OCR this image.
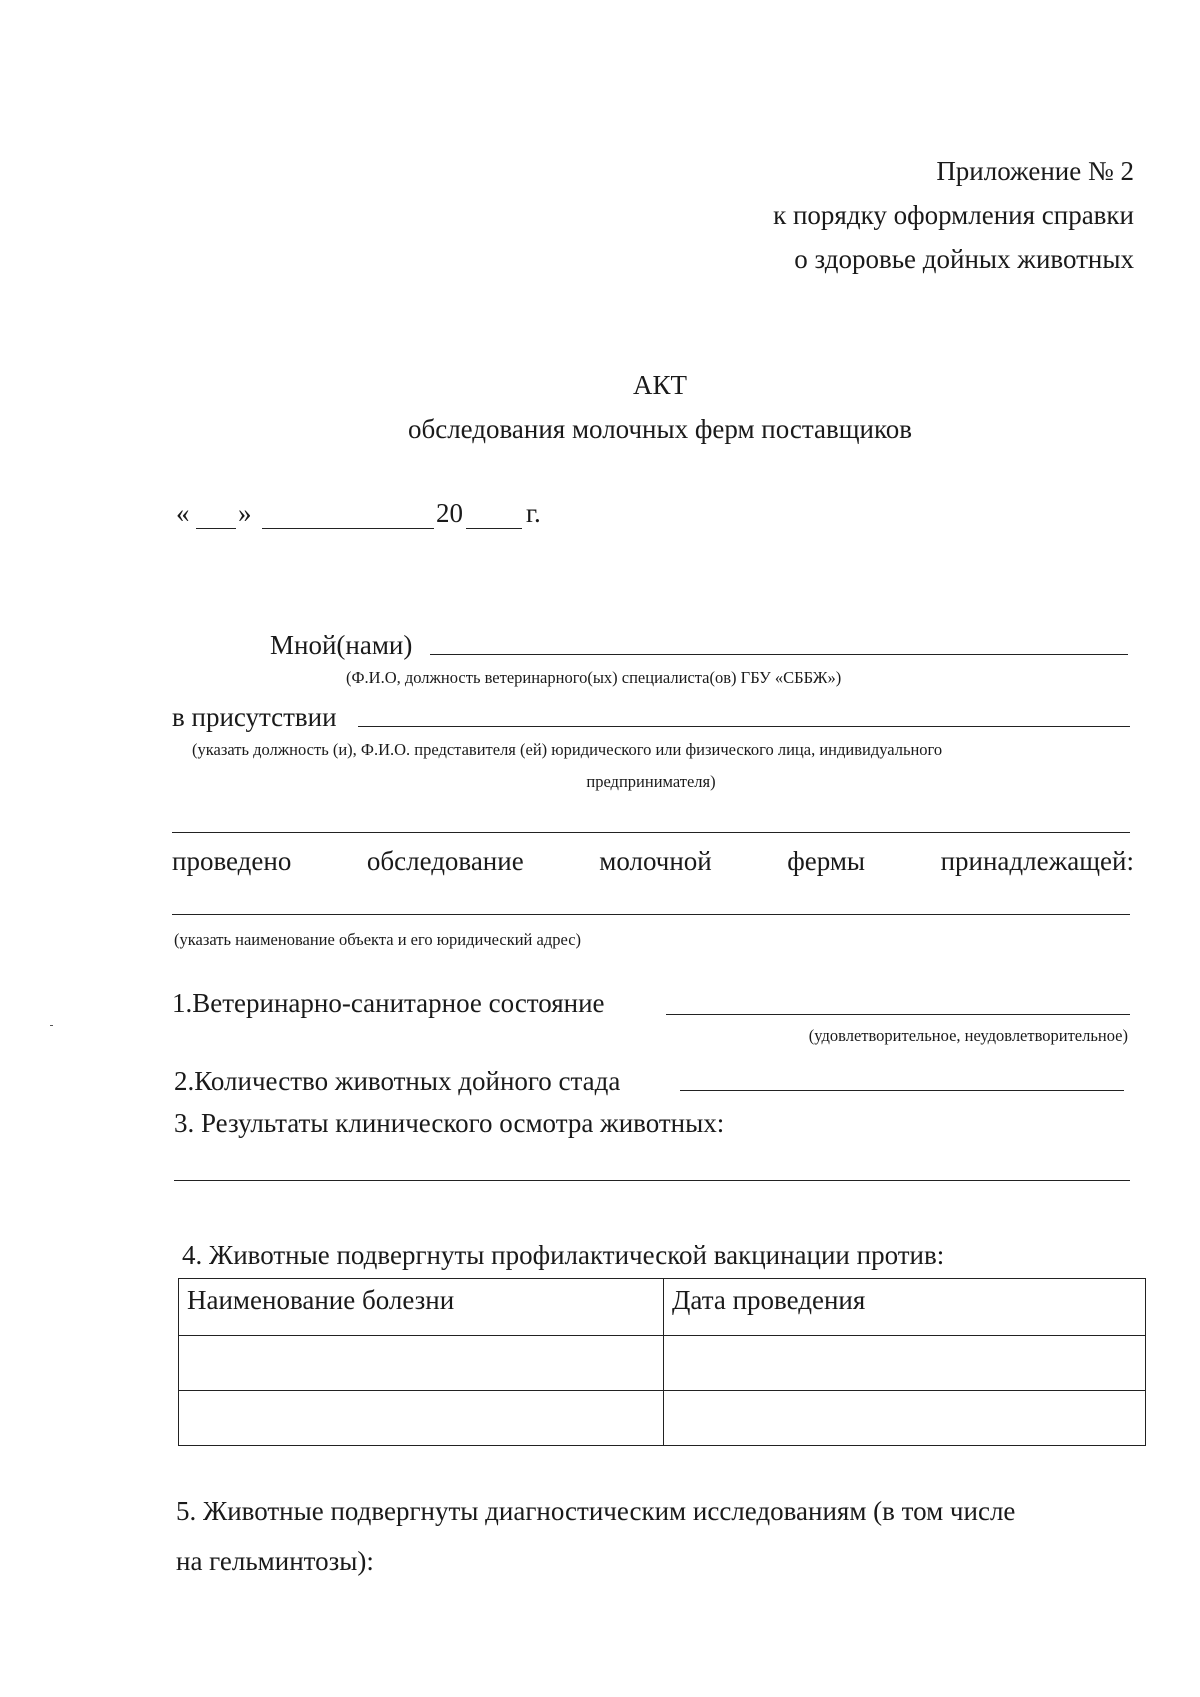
Приложение № 2
к порядку оформления справки
о здоровье дойных животных
АКТ
обследования молочных ферм поставщиков
« »	20 г.
Мной(нами)
(Ф.И.О, должность ветеринарного(ых) специалиста(ов) ГБУ «СББЖ»)
в присутствии
(указать должность (и), Ф.И.О. представителя (ей) юридического или физического лица, индивидуального
предпринимателя)
проведено	обследование	молочной	фермы	принадлежащей:
(указать наименование объекта и его юридический адрес)
1.Ветеринарно-санитарное состояние
(удовлетворительное, неудовлетворительное)
2.Количество животных дойного стада
3. Результаты клинического осмотра животных:
4. Животные подвергнуты профилактической вакцинации против:
Наименование болезни	Дата проведения

5. Животные подвергнуты диагностическим исследованиям (в том числе
на гельминтозы):
